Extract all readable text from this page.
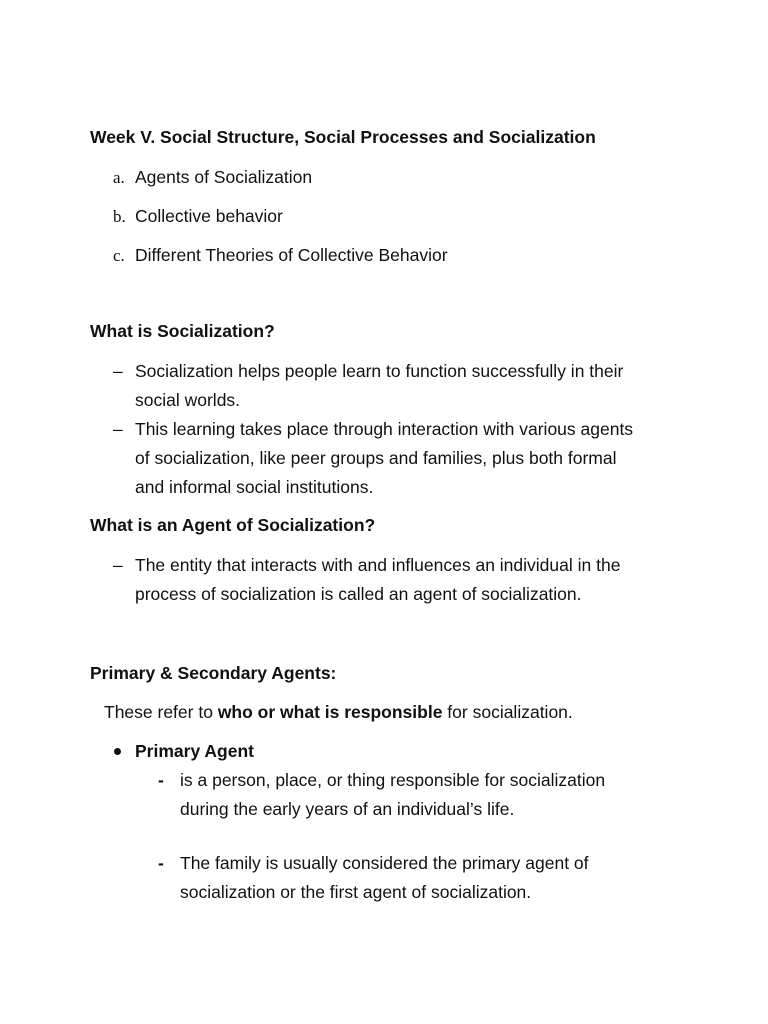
Week V. Social Structure, Social Processes and Socialization
a. Agents of Socialization
b. Collective behavior
c. Different Theories of Collective Behavior
What is Socialization?
– Socialization helps people learn to function successfully in their
social worlds.
– This learning takes place through interaction with various agents
of socialization, like peer groups and families, plus both formal
and informal social institutions.
What is an Agent of Socialization?
– The entity that interacts with and influences an individual in the
process of socialization is called an agent of socialization.
Primary & Secondary Agents:
These refer to who or what is responsible for socialization.
Primary Agent
- is a person, place, or thing responsible for socialization
during the early years of an individual’s life.
- The family is usually considered the primary agent of
socialization or the first agent of socialization.
